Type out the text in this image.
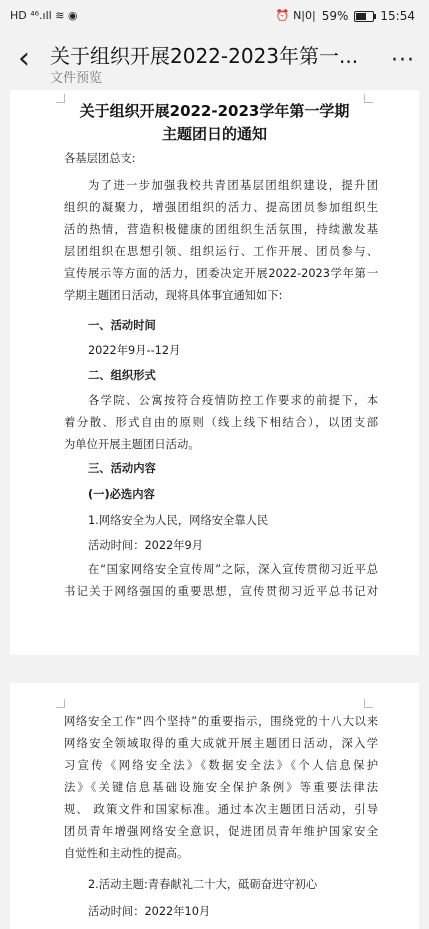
HD ⁴⁶.ıll ≋ ◉	⏰ N|0| 59%	15:54
‹	关于组织开展2022-2023年第一...
文件预览
···
关于组织开展2022-2023学年第一学期
主题团日的通知
各基层团总支:
为了进一步加强我校共青团基层团组织建设，提升团
组织的凝聚力，增强团组织的活力、提高团员参加组织生
活的热情，营造积极健康的团组织生活氛围，持续激发基
层团组织在思想引领、组织运行、工作开展、团员参与、
宣传展示等方面的活力，团委决定开展2022-2023学年第一
学期主题团日活动，现将具体事宜通知如下:
一、活动时间
2022年9月--12月
二、组织形式
各学院、公寓按符合疫情防控工作要求的前提下，本
着分散、形式自由的原则（线上线下相结合），以团支部
为单位开展主题团日活动。
三、活动内容
(一)必选内容
1.网络安全为人民，网络安全靠人民
活动时间：2022年9月
在“国家网络安全宣传周”之际，深入宣传贯彻习近平总
书记关于网络强国的重要思想，宣传贯彻习近平总书记对
网络安全工作“四个坚持”的重要指示，围绕党的十八大以来
网络安全领域取得的重大成就开展主题团日活动，深入学
习宣传《网络安全法》《数据安全法》《个人信息保护
法》《关键信息基础设施安全保护条例》等重要法律法
规、 政策文件和国家标准。通过本次主题团日活动，引导
团员青年增强网络安全意识，促进团员青年维护国家安全
自觉性和主动性的提高。
2.活动主题:青春献礼二十大，砥砺奋进守初心
活动时间：2022年10月
